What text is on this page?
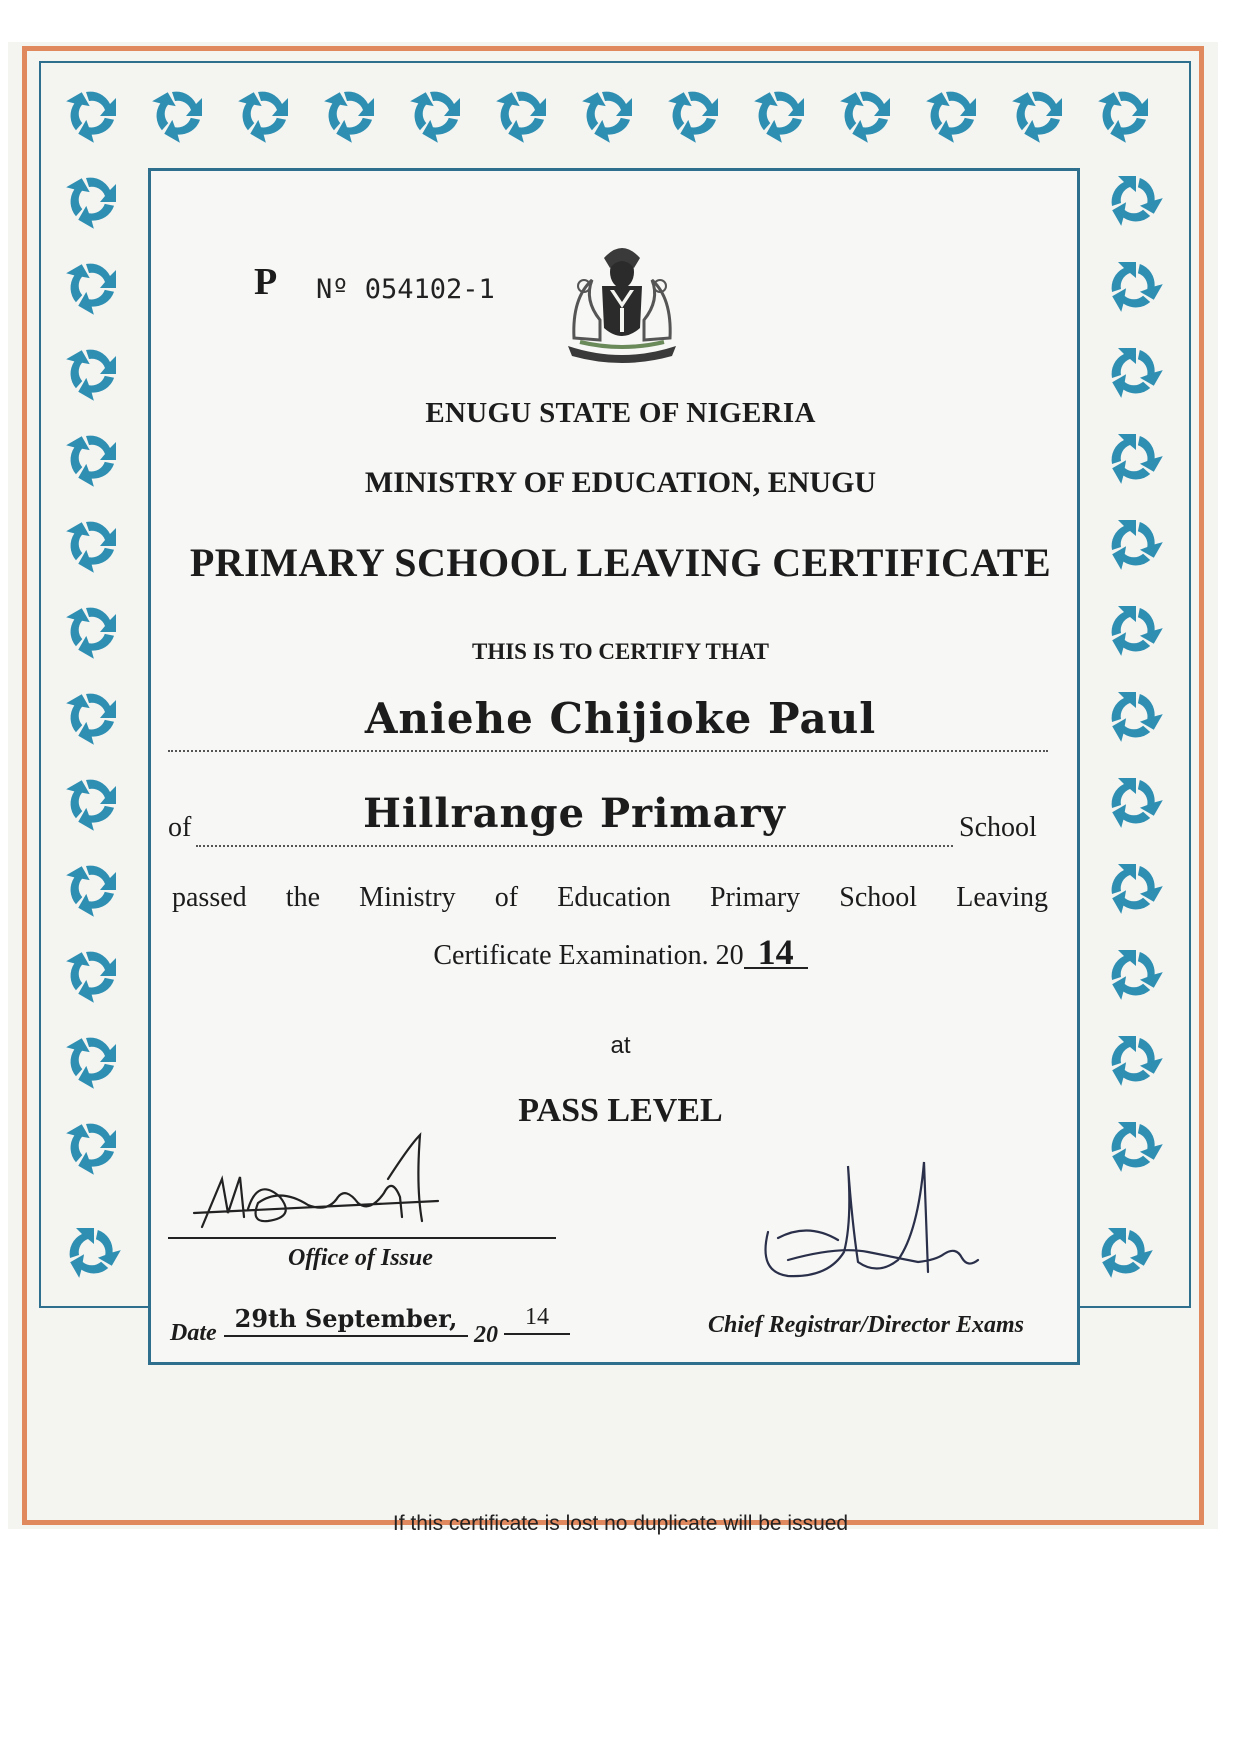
P Nº 054102-1
ENUGU STATE OF NIGERIA
MINISTRY OF EDUCATION, ENUGU
PRIMARY SCHOOL LEAVING CERTIFICATE
THIS IS TO CERTIFY THAT
Aniehe Chijioke Paul
of	Hillrange Primary	School
passed the Ministry of Education Primary School Leaving
Certificate Examination. 20 14
at
PASS LEVEL
Office of Issue
Date 29th September,
20
14	Chief Registrar/Director Exams
If this certificate is lost no duplicate will be issued
